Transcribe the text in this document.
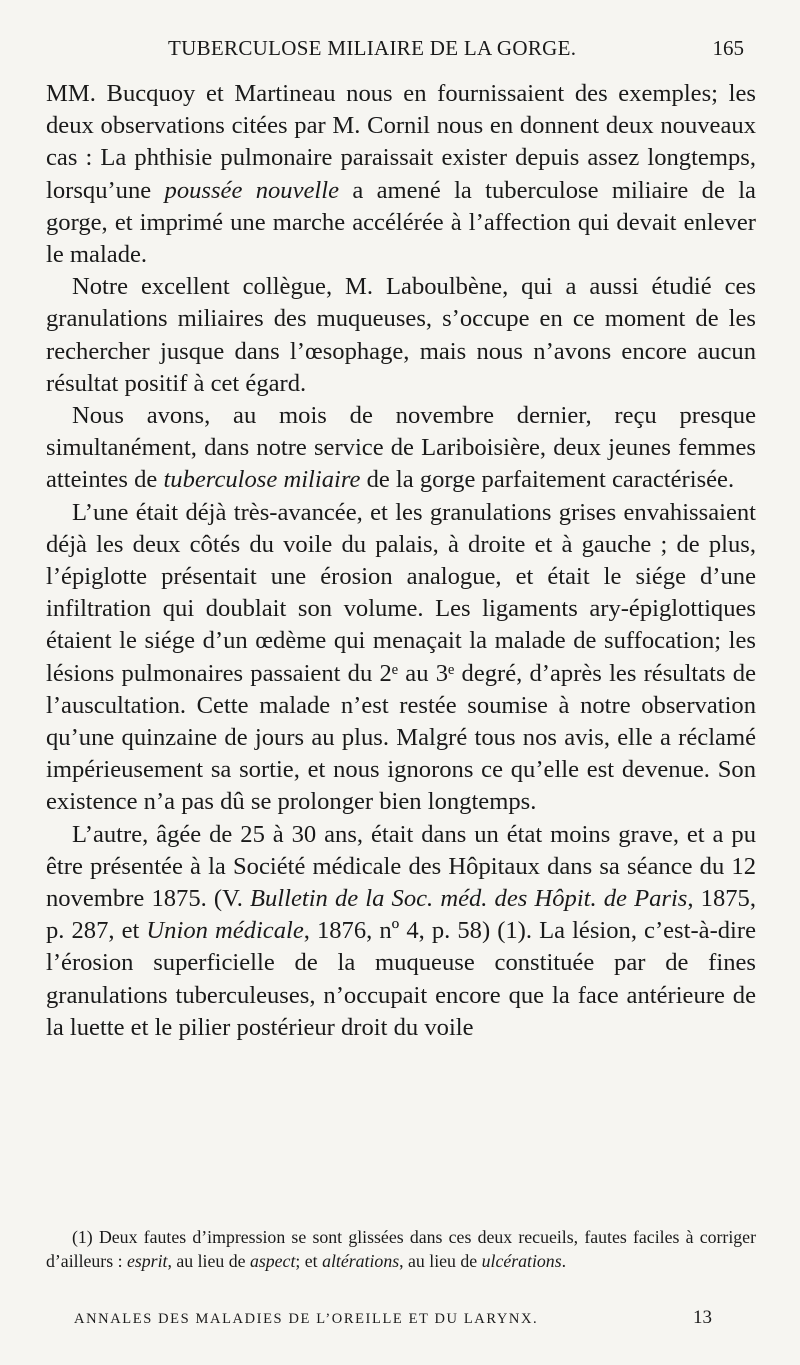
TUBERCULOSE MILIAIRE DE LA GORGE.	165

MM. Bucquoy et Martineau nous en fournissaient des exemples; les deux observations citées par M. Cornil nous en donnent deux nouveaux cas : La phthisie pulmonaire paraissait exister depuis assez longtemps, lorsqu’une poussée nouvelle a amené la tuberculose miliaire de la gorge, et imprimé une marche accélérée à l’affection qui devait enlever le malade.

Notre excellent collègue, M. Laboulbène, qui a aussi étudié ces granulations miliaires des muqueuses, s’occupe en ce moment de les rechercher jusque dans l’œsophage, mais nous n’avons encore aucun résultat positif à cet égard.

Nous avons, au mois de novembre dernier, reçu presque simultanément, dans notre service de Lariboisière, deux jeunes femmes atteintes de tuberculose miliaire de la gorge parfaitement caractérisée.

L’une était déjà très-avancée, et les granulations grises envahissaient déjà les deux côtés du voile du palais, à droite et à gauche ; de plus, l’épiglotte présentait une érosion analogue, et était le siége d’une infiltration qui doublait son volume. Les ligaments ary-épiglottiques étaient le siége d’un œdème qui menaçait la malade de suffocation; les lésions pulmonaires passaient du 2ᵉ au 3ᵉ degré, d’après les résultats de l’auscultation. Cette malade n’est restée soumise à notre observation qu’une quinzaine de jours au plus. Malgré tous nos avis, elle a réclamé impérieusement sa sortie, et nous ignorons ce qu’elle est devenue. Son existence n’a pas dû se prolonger bien longtemps.

L’autre, âgée de 25 à 30 ans, était dans un état moins grave, et a pu être présentée à la Société médicale des Hôpitaux dans sa séance du 12 novembre 1875. (V. Bulletin de la Soc. méd. des Hôpit. de Paris, 1875, p. 287, et Union médicale, 1876, nº 4, p. 58) (1). La lésion, c’est-à-dire l’érosion superficielle de la muqueuse constituée par de fines granulations tuberculeuses, n’occupait encore que la face antérieure de la luette et le pilier postérieur droit du voile

(1) Deux fautes d’impression se sont glissées dans ces deux recueils, fautes faciles à corriger d’ailleurs : esprit, au lieu de aspect; et altérations, au lieu de ulcérations.

ANNALES DES MALADIES DE L’OREILLE ET DU LARYNX.	13
